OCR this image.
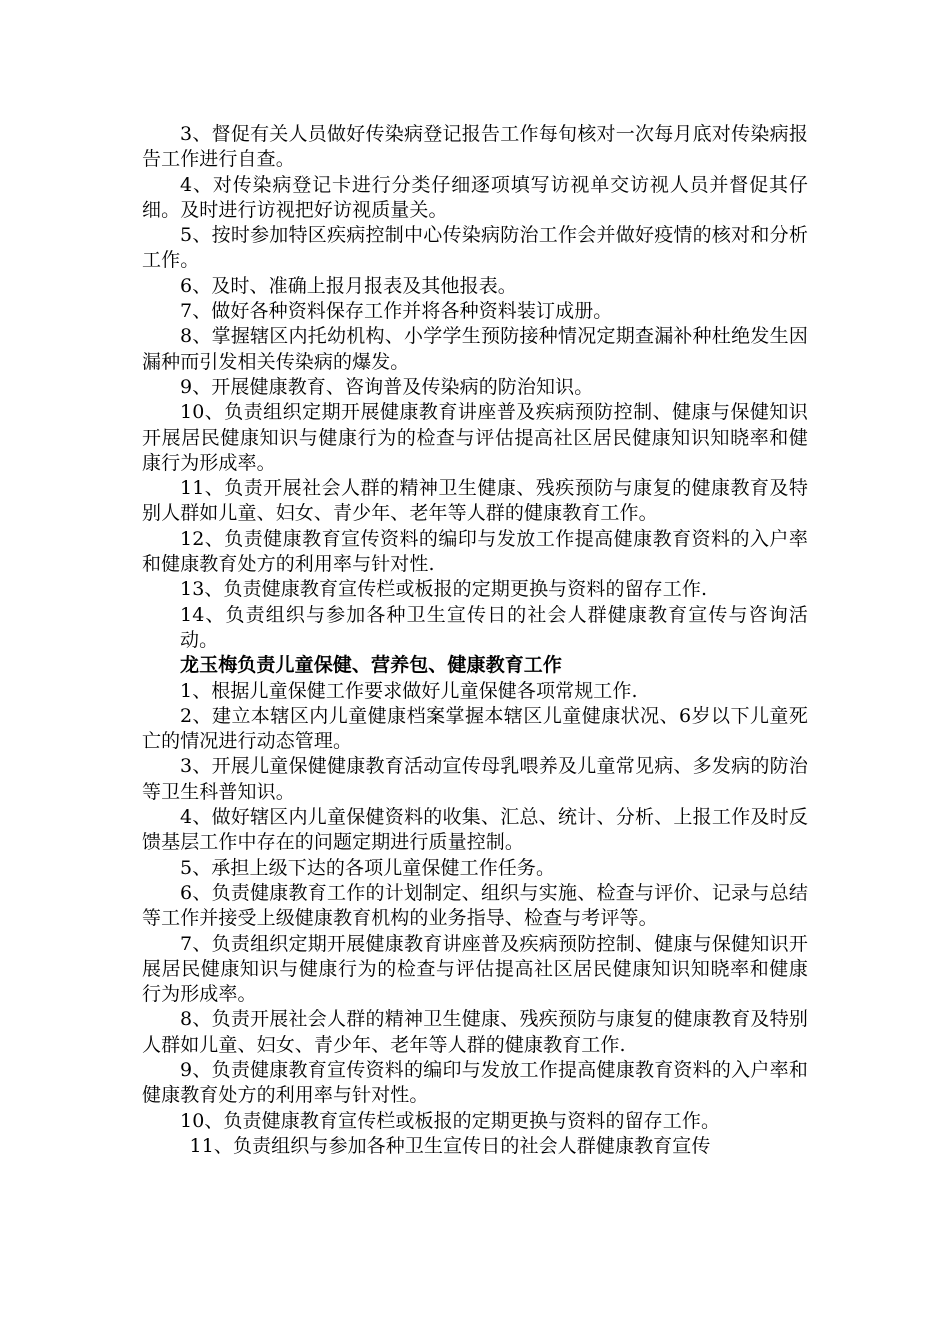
3、督促有关人员做好传染病登记报告工作每旬核对一次每月底对传染病报告工作进行自查。

4、对传染病登记卡进行分类仔细逐项填写访视单交访视人员并督促其仔细。及时进行访视把好访视质量关。

5、按时参加特区疾病控制中心传染病防治工作会并做好疫情的核对和分析工作。

6、及时、准确上报月报表及其他报表。

7、做好各种资料保存工作并将各种资料装订成册。

8、掌握辖区内托幼机构、小学学生预防接种情况定期查漏补种杜绝发生因漏种而引发相关传染病的爆发。

9、开展健康教育、咨询普及传染病的防治知识。

10、负责组织定期开展健康教育讲座普及疾病预防控制、健康与保健知识开展居民健康知识与健康行为的检查与评估提高社区居民健康知识知晓率和健康行为形成率。

11、负责开展社会人群的精神卫生健康、残疾预防与康复的健康教育及特别人群如儿童、妇女、青少年、老年等人群的健康教育工作。

12、负责健康教育宣传资料的编印与发放工作提高健康教育资料的入户率和健康教育处方的利用率与针对性.

13、负责健康教育宣传栏或板报的定期更换与资料的留存工作.

14、负责组织与参加各种卫生宣传日的社会人群健康教育宣传与咨询活动。

龙玉梅负责儿童保健、营养包、健康教育工作

1、根据儿童保健工作要求做好儿童保健各项常规工作.

2、建立本辖区内儿童健康档案掌握本辖区儿童健康状况、6岁以下儿童死亡的情况进行动态管理。

3、开展儿童保健健康教育活动宣传母乳喂养及儿童常见病、多发病的防治等卫生科普知识。

4、做好辖区内儿童保健资料的收集、汇总、统计、分析、上报工作及时反馈基层工作中存在的问题定期进行质量控制。

5、承担上级下达的各项儿童保健工作任务。

6、负责健康教育工作的计划制定、组织与实施、检查与评价、记录与总结等工作并接受上级健康教育机构的业务指导、检查与考评等。

7、负责组织定期开展健康教育讲座普及疾病预防控制、健康与保健知识开展居民健康知识与健康行为的检查与评估提高社区居民健康知识知晓率和健康行为形成率。

8、负责开展社会人群的精神卫生健康、残疾预防与康复的健康教育及特别人群如儿童、妇女、青少年、老年等人群的健康教育工作.

9、负责健康教育宣传资料的编印与发放工作提高健康教育资料的入户率和健康教育处方的利用率与针对性。

10、负责健康教育宣传栏或板报的定期更换与资料的留存工作。

11、负责组织与参加各种卫生宣传日的社会人群健康教育宣传
